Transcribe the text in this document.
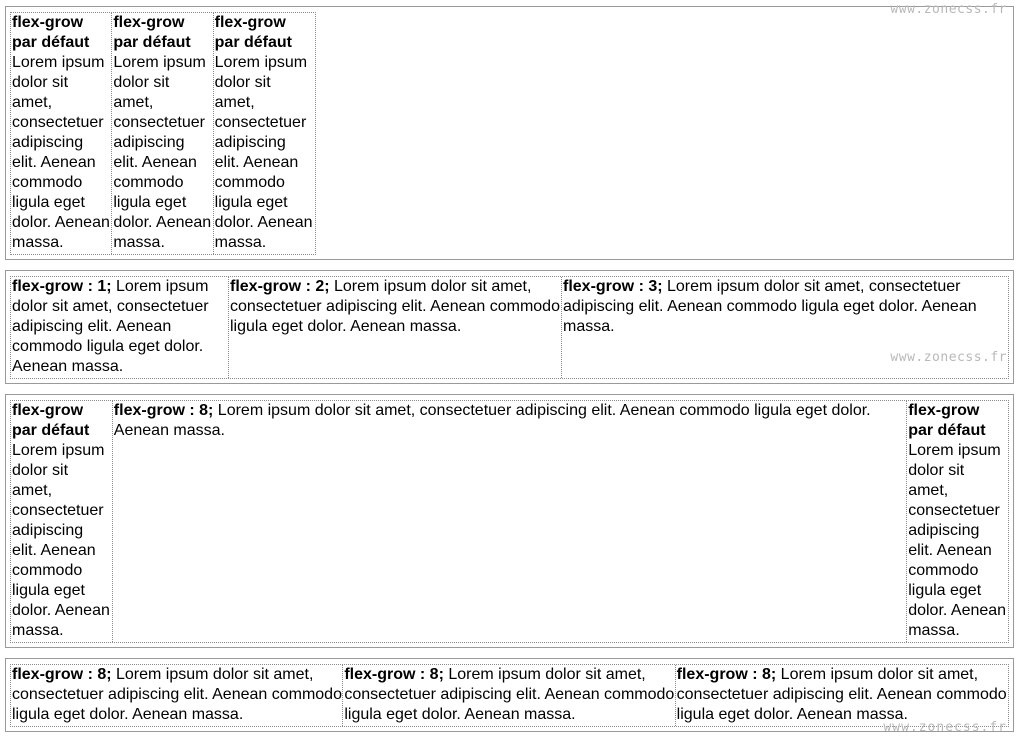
flex-grow par défaut
Lorem ipsum dolor sit amet, consectetuer adipiscing elit. Aenean commodo ligula eget dolor. Aenean massa.
flex-grow par défaut
Lorem ipsum dolor sit amet, consectetuer adipiscing elit. Aenean commodo ligula eget dolor. Aenean massa.
flex-grow par défaut
Lorem ipsum dolor sit amet, consectetuer adipiscing elit. Aenean commodo ligula eget dolor. Aenean massa.
www.zonecss.fr
flex-grow : 1; Lorem ipsum dolor sit amet, consectetuer adipiscing elit. Aenean commodo ligula eget dolor. Aenean massa.
flex-grow : 2; Lorem ipsum dolor sit amet, consectetuer adipiscing elit. Aenean commodo ligula eget dolor. Aenean massa.
flex-grow : 3; Lorem ipsum dolor sit amet, consectetuer adipiscing elit. Aenean commodo ligula eget dolor. Aenean massa.
www.zonecss.fr
flex-grow par défaut
Lorem ipsum dolor sit amet, consectetuer adipiscing elit. Aenean commodo ligula eget dolor. Aenean massa.
flex-grow : 8; Lorem ipsum dolor sit amet, consectetuer adipiscing elit. Aenean commodo ligula eget dolor. Aenean massa.
flex-grow par défaut
Lorem ipsum dolor sit amet, consectetuer adipiscing elit. Aenean commodo ligula eget dolor. Aenean massa.
flex-grow : 8; Lorem ipsum dolor sit amet, consectetuer adipiscing elit. Aenean commodo ligula eget dolor. Aenean massa.
flex-grow : 8; Lorem ipsum dolor sit amet, consectetuer adipiscing elit. Aenean commodo ligula eget dolor. Aenean massa.
flex-grow : 8; Lorem ipsum dolor sit amet, consectetuer adipiscing elit. Aenean commodo ligula eget dolor. Aenean massa.
www.zonecss.fr
